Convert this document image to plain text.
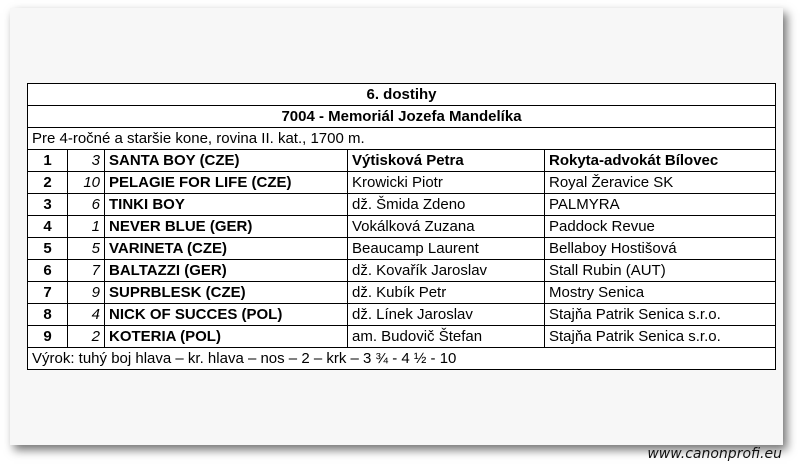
6. dostihy				
7004 - Memoriál Jozefa Mandelíka				
Pre 4-ročné a staršie kone, rovina II. kat., 1700 m.				
1	3	SANTA BOY (CZE)	Výtisková Petra	Rokyta-advokát Bílovec
2	10	PELAGIE FOR LIFE (CZE)	Krowicki Piotr	Royal Žeravice SK
3	6	TINKI BOY	dž. Šmida Zdeno	PALMYRA
4	1	NEVER BLUE (GER)	Vokálková Zuzana	Paddock Revue
5	5	VARINETA (CZE)	Beaucamp Laurent	Bellaboy Hostišová
6	7	BALTAZZI (GER)	dž. Kovařík Jaroslav	Stall Rubin (AUT)
7	9	SUPRBLESK (CZE)	dž. Kubík Petr	Mostry Senica
8	4	NICK OF SUCCES (POL)	dž. Línek Jaroslav	Stajňa Patrik Senica s.r.o.
9	2	KOTERIA (POL)	am. Budovič Štefan	Stajňa Patrik Senica s.r.o.
Výrok: tuhý boj hlava – kr. hlava – nos – 2 – krk – 3 ¾ - 4 ½ - 10				
www.canonprofi.eu
